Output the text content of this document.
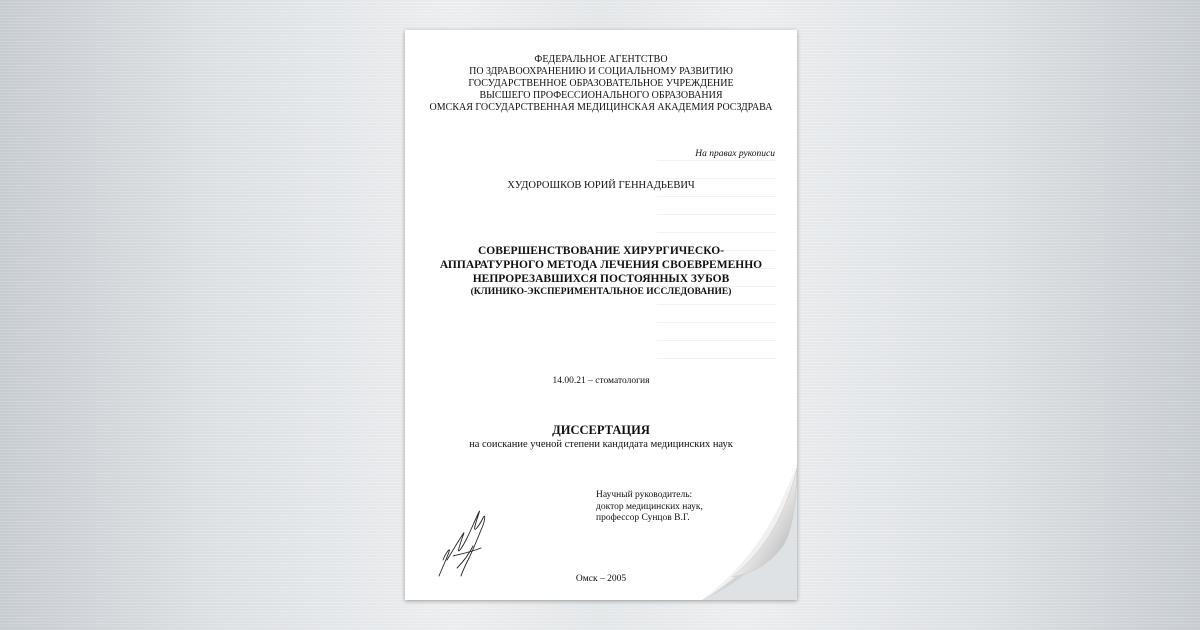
ФЕДЕРАЛЬНОЕ АГЕНТСТВО
ПО ЗДРАВООХРАНЕНИЮ И СОЦИАЛЬНОМУ РАЗВИТИЮ
ГОСУДАРСТВЕННОЕ ОБРАЗОВАТЕЛЬНОЕ УЧРЕЖДЕНИЕ
ВЫСШЕГО ПРОФЕССИОНАЛЬНОГО ОБРАЗОВАНИЯ
ОМСКАЯ ГОСУДАРСТВЕННАЯ МЕДИЦИНСКАЯ АКАДЕМИЯ РОСЗДРАВА
На правах рукописи
ХУДОРОШКОВ ЮРИЙ ГЕННАДЬЕВИЧ
СОВЕРШЕНСТВОВАНИЕ ХИРУРГИЧЕСКО-
АППАРАТУРНОГО МЕТОДА ЛЕЧЕНИЯ СВОЕВРЕМЕННО
НЕПРОРЕЗАВШИХСЯ ПОСТОЯННЫХ ЗУБОВ
(КЛИНИКО-ЭКСПЕРИМЕНТАЛЬНОЕ ИССЛЕДОВАНИЕ)
14.00.21 – стоматология
ДИССЕРТАЦИЯ
на соискание ученой степени кандидата медицинских наук
Научный руководитель:
доктор медицинских наук,
профессор Сунцов В.Г.
Омск – 2005
